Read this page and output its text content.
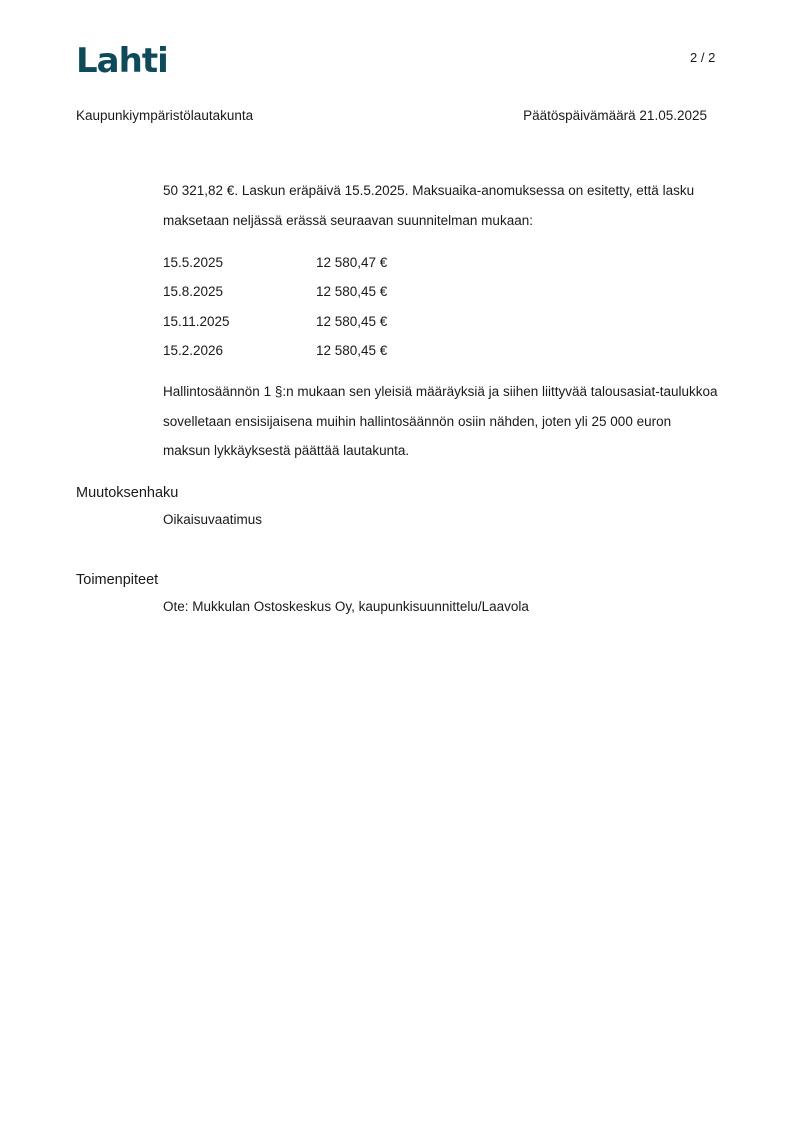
Lahti	2 / 2
Kaupunkiympäristölautakunta	Päätöspäivämäärä 21.05.2025
50 321,82 €. Laskun eräpäivä 15.5.2025. Maksuaika-anomuksessa on esitetty, että lasku maksetaan neljässä erässä seuraavan suunnitelman mukaan:
15.5.2025	12 580,47 €
15.8.2025	12 580,45 €
15.11.2025	12 580,45 €
15.2.2026	12 580,45 €
Hallintosäännön 1 §:n mukaan sen yleisiä määräyksiä ja siihen liittyvää talousasiat-taulukkoa sovelletaan ensisijaisena muihin hallintosäännön osiin nähden, joten yli 25 000 euron maksun lykkäyksestä päättää lautakunta.
Muutoksenhaku
Oikaisuvaatimus
Toimenpiteet
Ote: Mukkulan Ostoskeskus Oy, kaupunkisuunnittelu/Laavola
